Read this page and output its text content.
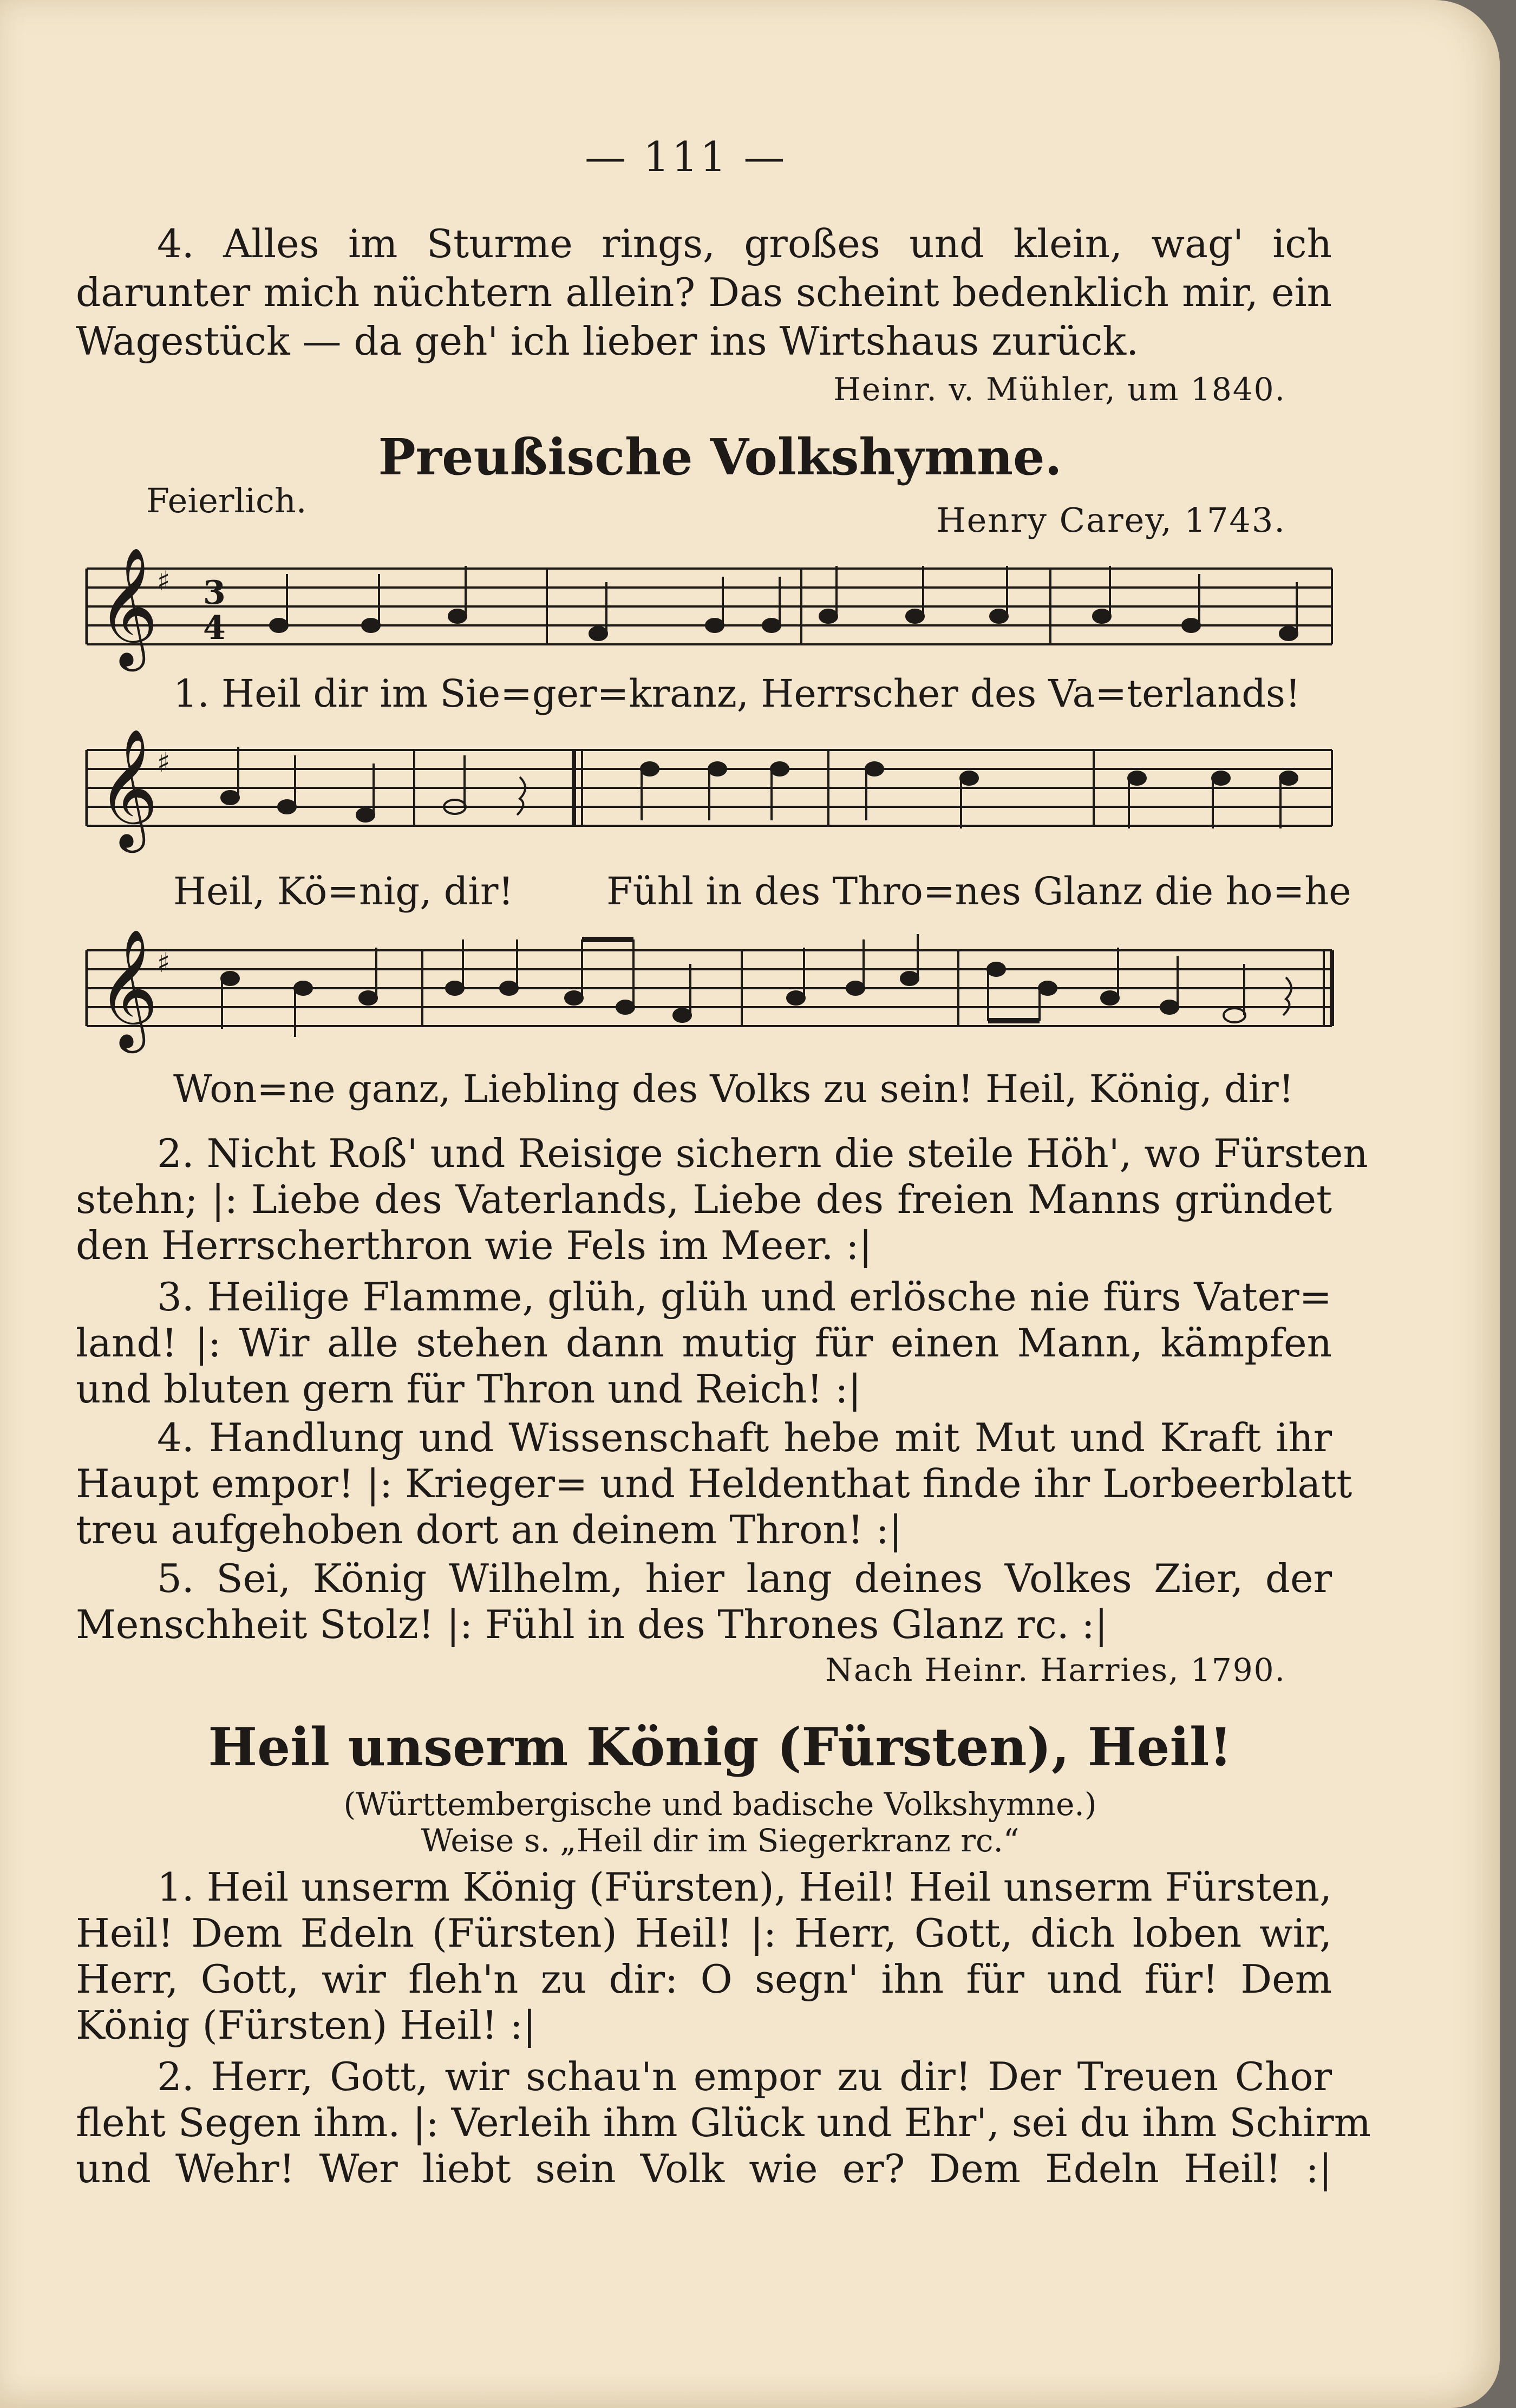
— 111 —
4. Alles im Sturme rings, großes und klein, wag' ich
darunter mich nüchtern allein? Das scheint bedenklich mir, ein
Wagestück — da geh' ich lieber ins Wirtshaus zurück.
Heinr. v. Mühler, um 1840.
Preußische Volkshymne.
Feierlich.	Henry Carey, 1743.
𝄞
♯ 3
4
1. Heil dir im Sie=ger=kranz, Herrscher des Va=terlands!
𝄞
♯
Heil, Kö=nig, dir! Fühl in des Thro=nes Glanz die ho=he
𝄞
♯
Won=ne ganz, Liebling des Volks zu sein! Heil, König, dir!
2. Nicht Roß' und Reisige sichern die steile Höh', wo Fürsten
stehn; |: Liebe des Vaterlands, Liebe des freien Manns gründet
den Herrscherthron wie Fels im Meer. :|
3. Heilige Flamme, glüh, glüh und erlösche nie fürs Vater=
land! |: Wir alle stehen dann mutig für einen Mann, kämpfen
und bluten gern für Thron und Reich! :|
4. Handlung und Wissenschaft hebe mit Mut und Kraft ihr
Haupt empor! |: Krieger= und Heldenthat finde ihr Lorbeerblatt
treu aufgehoben dort an deinem Thron! :|
5. Sei, König Wilhelm, hier lang deines Volkes Zier, der
Menschheit Stolz! |: Fühl in des Thrones Glanz rc. :|
Nach Heinr. Harries, 1790.
Heil unserm König (Fürsten), Heil!
(Württembergische und badische Volkshymne.)
Weise s. „Heil dir im Siegerkranz rc.“
1. Heil unserm König (Fürsten), Heil! Heil unserm Fürsten,
Heil! Dem Edeln (Fürsten) Heil! |: Herr, Gott, dich loben wir,
Herr, Gott, wir fleh'n zu dir: O segn' ihn für und für! Dem
König (Fürsten) Heil! :|
2. Herr, Gott, wir schau'n empor zu dir! Der Treuen Chor
fleht Segen ihm. |: Verleih ihm Glück und Ehr', sei du ihm Schirm
und Wehr! Wer liebt sein Volk wie er? Dem Edeln Heil! :|
